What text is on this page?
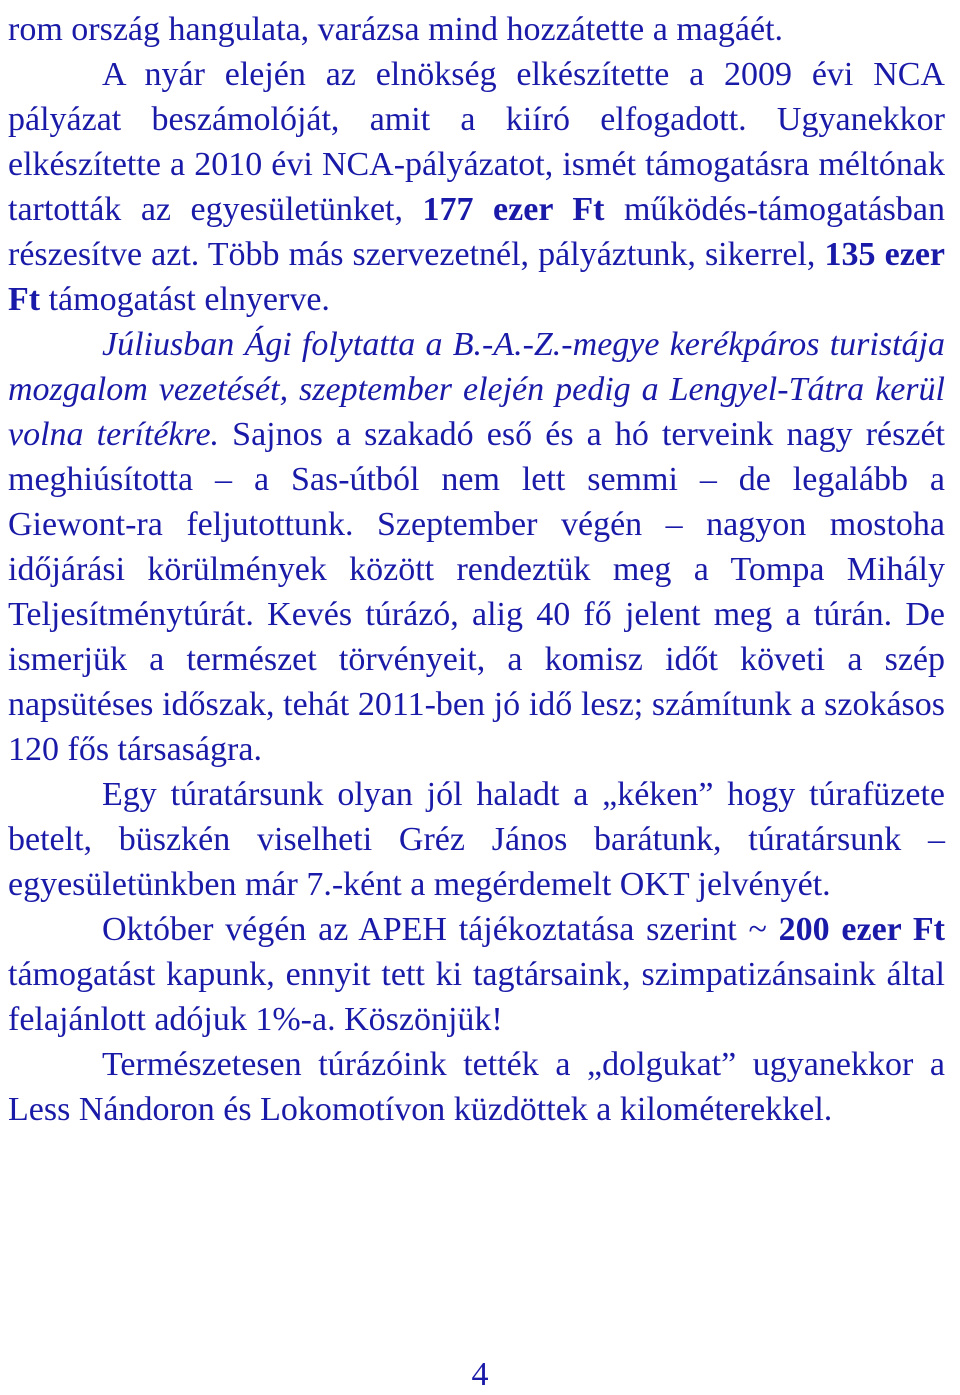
rom ország hangulata, varázsa mind hozzátette a magáét.

A nyár elején az elnökség elkészítette a 2009 évi NCA pályázat beszámolóját, amit a kiíró elfogadott. Ugyanekkor elkészítette a 2010 évi NCA-pályázatot, ismét támogatásra méltónak tartották az egyesületünket, 177 ezer Ft működés-támogatásban részesítve azt. Több más szervezetnél, pályáztunk, sikerrel, 135 ezer Ft támogatást elnyerve.

Júliusban Ági folytatta a B.-A.-Z.-megye kerékpáros turistája mozgalom vezetését, szeptember elején pedig a Lengyel-Tátra kerül volna terítékre. Sajnos a szakadó eső és a hó terveink nagy részét meghiúsította – a Sas-útból nem lett semmi – de legalább a Giewont-ra feljutottunk. Szeptember végén – nagyon mostoha időjárási körülmények között rendeztük meg a Tompa Mihály Teljesítménytúrát. Kevés túrázó, alig 40 fő jelent meg a túrán. De ismerjük a természet törvényeit, a komisz időt követi a szép napsütéses időszak, tehát 2011-ben jó idő lesz; számítunk a szokásos 120 fős társaságra.

Egy túratársunk olyan jól haladt a „kéken” hogy túrafüzete betelt, büszkén viselheti Gréz János barátunk, túratársunk – egyesületünkben már 7.-ként a megérdemelt OKT jelvényét.

Október végén az APEH tájékoztatása szerint ~ 200 ezer Ft támogatást kapunk, ennyit tett ki tagtársaink, szimpatizánsaink által felajánlott adójuk 1%-a. Köszönjük!

Természetesen túrázóink tették a „dolgukat” ugyanekkor a Less Nándoron és Lokomotívon küzdöttek a kilométerekkel.

4
